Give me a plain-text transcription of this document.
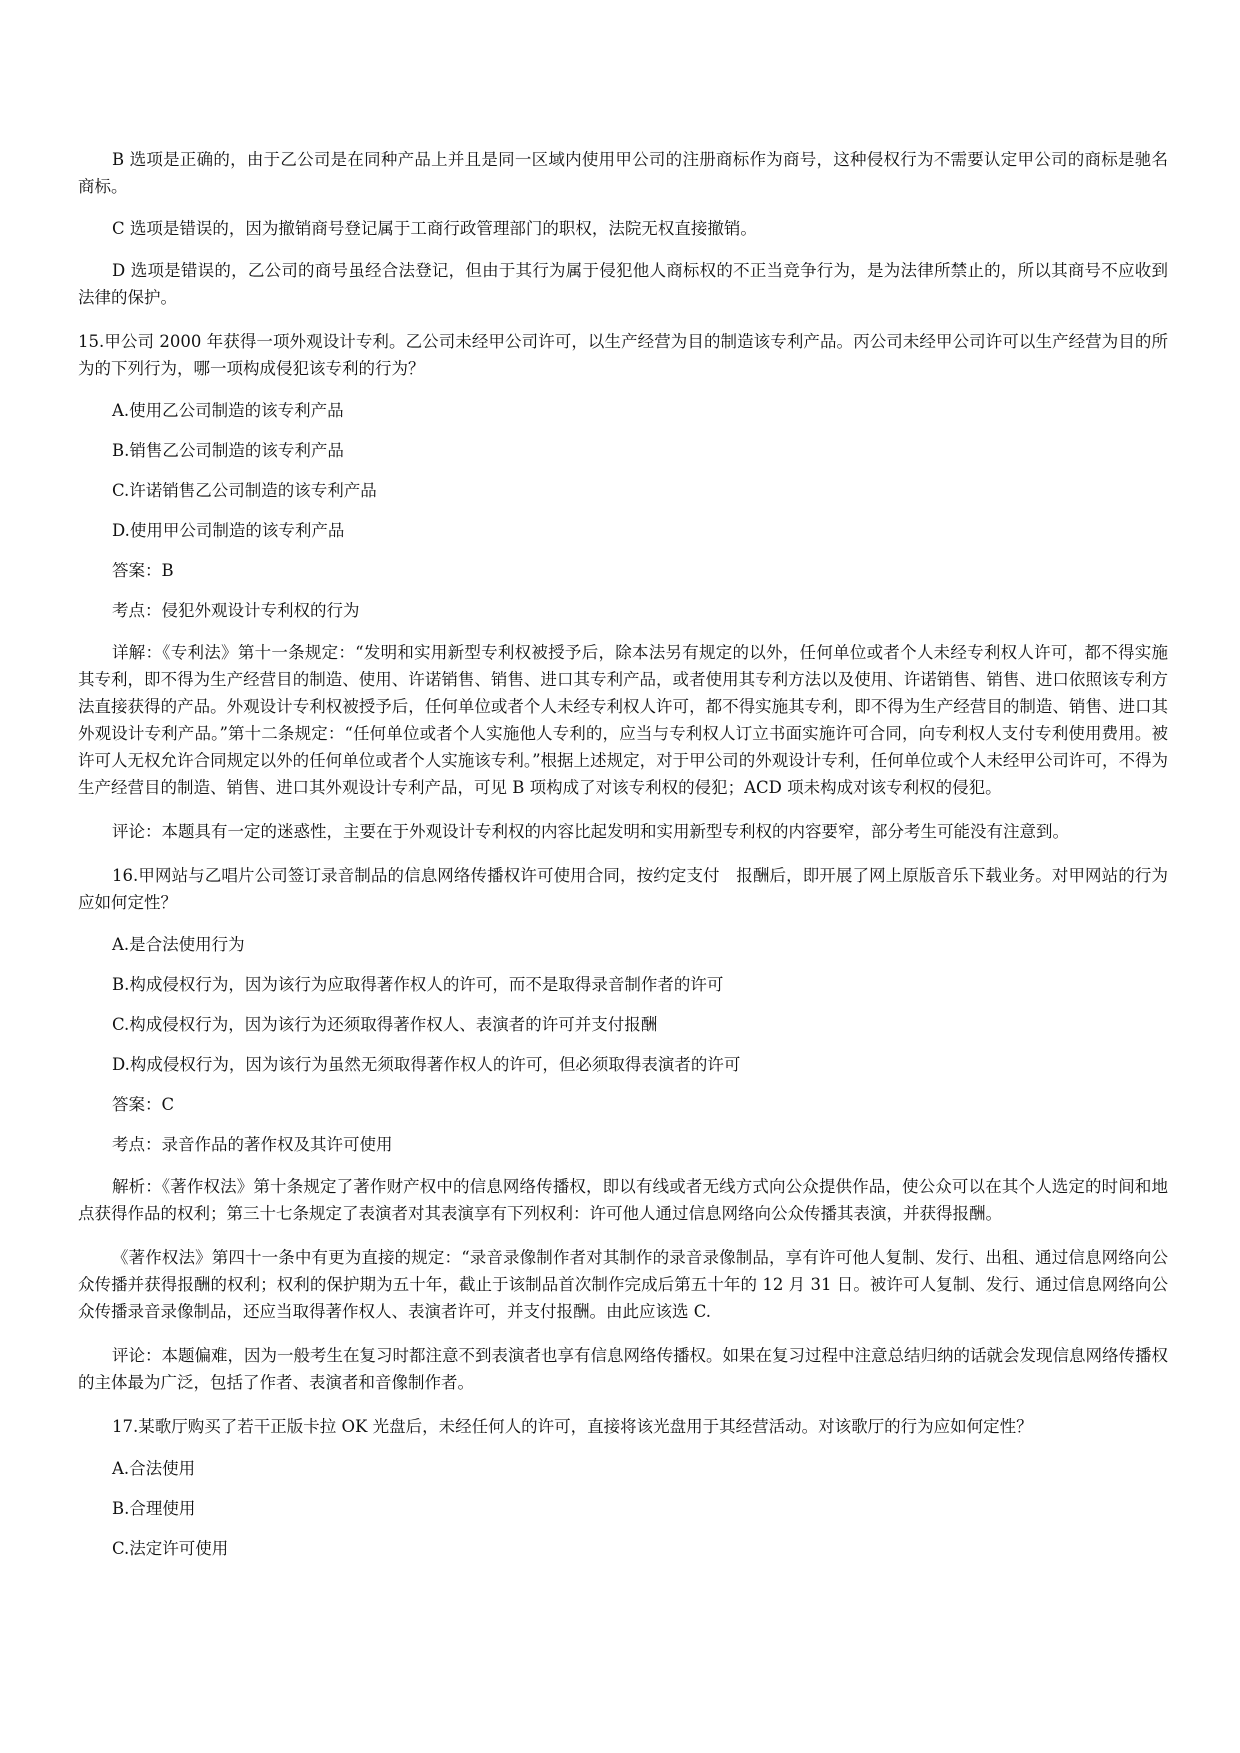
B 选项是正确的，由于乙公司是在同种产品上并且是同一区域内使用甲公司的注册商标作为商号，这种侵权行为不需要认定甲公司的商标是驰名商标。

C 选项是错误的，因为撤销商号登记属于工商行政管理部门的职权，法院无权直接撤销。

D 选项是错误的，乙公司的商号虽经合法登记，但由于其行为属于侵犯他人商标权的不正当竞争行为，是为法律所禁止的，所以其商号不应收到法律的保护。

15.甲公司 2000 年获得一项外观设计专利。乙公司未经甲公司许可，以生产经营为目的制造该专利产品。丙公司未经甲公司许可以生产经营为目的所为的下列行为，哪一项构成侵犯该专利的行为？

A.使用乙公司制造的该专利产品

B.销售乙公司制造的该专利产品

C.许诺销售乙公司制造的该专利产品

D.使用甲公司制造的该专利产品

答案：B

考点：侵犯外观设计专利权的行为

详解：《专利法》第十一条规定：“发明和实用新型专利权被授予后，除本法另有规定的以外，任何单位或者个人未经专利权人许可，都不得实施其专利，即不得为生产经营目的制造、使用、许诺销售、销售、进口其专利产品，或者使用其专利方法以及使用、许诺销售、销售、进口依照该专利方法直接获得的产品。外观设计专利权被授予后，任何单位或者个人未经专利权人许可，都不得实施其专利，即不得为生产经营目的制造、销售、进口其外观设计专利产品。”第十二条规定：“任何单位或者个人实施他人专利的，应当与专利权人订立书面实施许可合同，向专利权人支付专利使用费用。被许可人无权允许合同规定以外的任何单位或者个人实施该专利。”根据上述规定，对于甲公司的外观设计专利，任何单位或个人未经甲公司许可，不得为生产经营目的制造、销售、进口其外观设计专利产品，可见 B 项构成了对该专利权的侵犯；ACD 项未构成对该专利权的侵犯。

评论：本题具有一定的迷惑性，主要在于外观设计专利权的内容比起发明和实用新型专利权的内容要窄，部分考生可能没有注意到。

16.甲网站与乙唱片公司签订录音制品的信息网络传播权许可使用合同，按约定支付　报酬后，即开展了网上原版音乐下载业务。对甲网站的行为应如何定性？

A.是合法使用行为

B.构成侵权行为，因为该行为应取得著作权人的许可，而不是取得录音制作者的许可

C.构成侵权行为，因为该行为还须取得著作权人、表演者的许可并支付报酬

D.构成侵权行为，因为该行为虽然无须取得著作权人的许可，但必须取得表演者的许可

答案：C

考点：录音作品的著作权及其许可使用

解析：《著作权法》第十条规定了著作财产权中的信息网络传播权，即以有线或者无线方式向公众提供作品，使公众可以在其个人选定的时间和地点获得作品的权利；第三十七条规定了表演者对其表演享有下列权利：许可他人通过信息网络向公众传播其表演，并获得报酬。

《著作权法》第四十一条中有更为直接的规定：“录音录像制作者对其制作的录音录像制品，享有许可他人复制、发行、出租、通过信息网络向公众传播并获得报酬的权利；权利的保护期为五十年，截止于该制品首次制作完成后第五十年的 12 月 31 日。被许可人复制、发行、通过信息网络向公众传播录音录像制品，还应当取得著作权人、表演者许可，并支付报酬。由此应该选 C.

评论：本题偏难，因为一般考生在复习时都注意不到表演者也享有信息网络传播权。如果在复习过程中注意总结归纳的话就会发现信息网络传播权的主体最为广泛，包括了作者、表演者和音像制作者。

17.某歌厅购买了若干正版卡拉 OK 光盘后，未经任何人的许可，直接将该光盘用于其经营活动。对该歌厅的行为应如何定性？

A.合法使用

B.合理使用

C.法定许可使用
